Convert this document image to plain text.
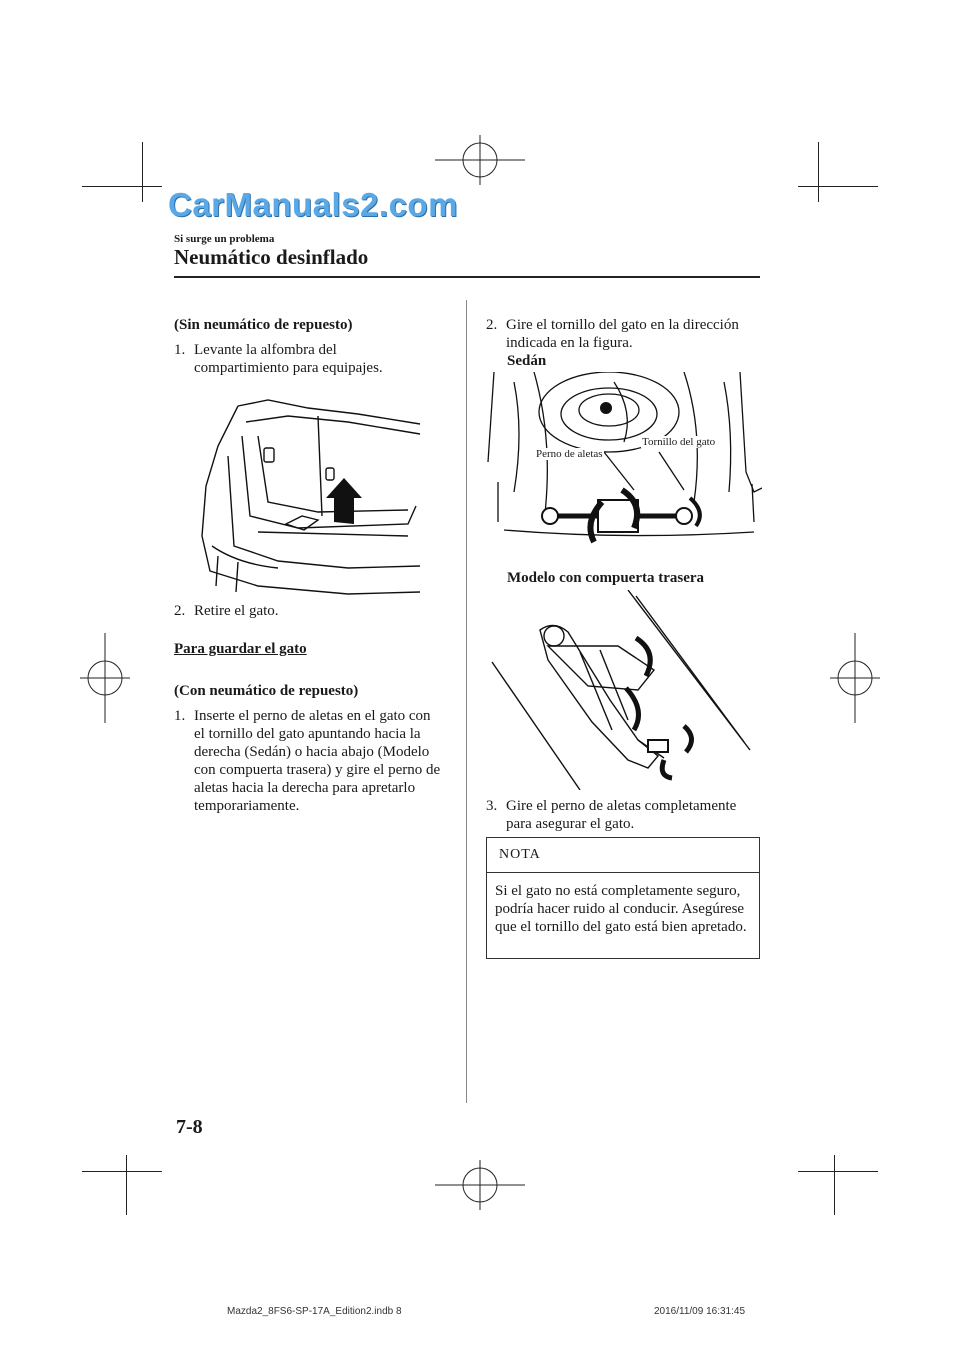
CarManuals2.com
Si surge un problema
Neumático desinflado
(Sin neumático de repuesto)
1. Levante la alfombra del compartimiento para equipajes.
2. Retire el gato.
Para guardar el gato
(Con neumático de repuesto)
1. Inserte el perno de aletas en el gato con el tornillo del gato apuntando hacia la derecha (Sedán) o hacia abajo (Modelo con compuerta trasera) y gire el perno de aletas hacia la derecha para apretarlo temporariamente.
2. Gire el tornillo del gato en la dirección indicada en la figura.
Sedán
Perno de aletas
Tornillo del gato
Modelo con compuerta trasera
3. Gire el perno de aletas completamente para asegurar el gato.
NOTA
Si el gato no está completamente seguro, podría hacer ruido al conducir. Asegúrese que el tornillo del gato está bien apretado.
7-8
Mazda2_8FS6-SP-17A_Edition2.indb 8	2016/11/09 16:31:45
